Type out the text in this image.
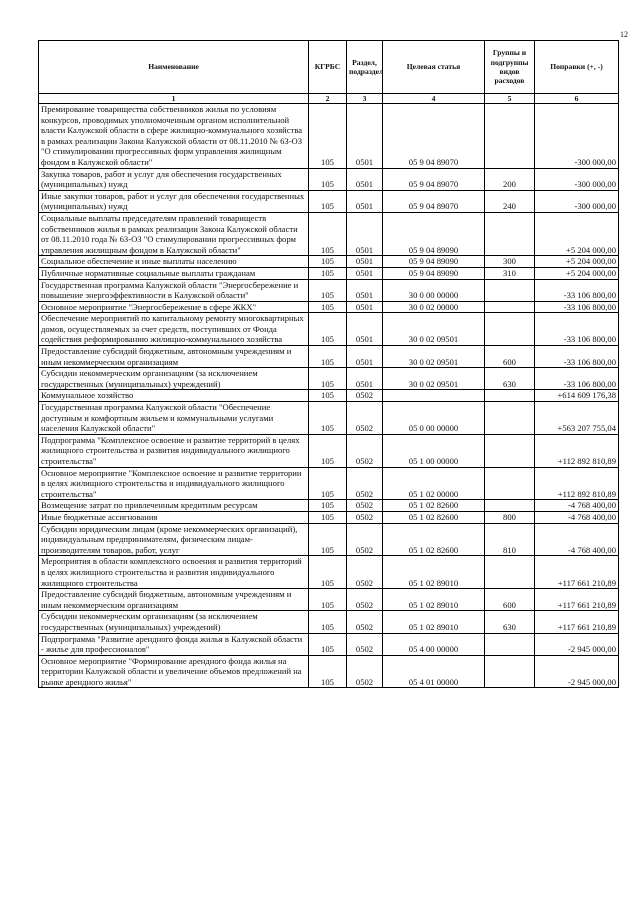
12
Наименование	КГРБС	Раздел, подраздел	Целевая статья	Группы и подгруппы видов расходов	Поправки (+, -)
1	2	3	4	5	6
Премирование товарищества собственников жилья по условиям конкурсов, проводимых уполномоченным органом исполнительной власти Калужской области в сфере жилищно-коммунального хозяйства в рамках реализации Закона Калужской области от 08.11.2010 № 63-ОЗ "О стимулировании прогрессивных форм управления жилищным фондом в Калужской области"	105	0501	05 9 04 89070		-300 000,00
Закупка товаров, работ и услуг для обеспечения государственных (муниципальных) нужд	105	0501	05 9 04 89070	200	-300 000,00
Иные закупки товаров, работ и услуг для обеспечения государственных (муниципальных) нужд	105	0501	05 9 04 89070	240	-300 000,00
Социальные выплаты председателям правлений товариществ собственников жилья в рамках реализации Закона Калужской области от 08.11.2010 года № 63-ОЗ "О стимулировании прогрессивных форм управления жилищным фондом в Калужской области"	105	0501	05 9 04 89090		+5 204 000,00
Социальное обеспечение и иные выплаты населению	105	0501	05 9 04 89090	300	+5 204 000,00
Публичные нормативные социальные выплаты гражданам	105	0501	05 9 04 89090	310	+5 204 000,00
Государственная программа Калужской области "Энергосбережение и повышение энергоэффективности в Калужской области"	105	0501	30 0 00 00000		-33 106 800,00
Основное мероприятие "Энергосбережение в сфере ЖКХ"	105	0501	30 0 02 00000		-33 106 800,00
Обеспечение мероприятий по капитальному ремонту многоквартирных домов, осуществляемых за счет средств, поступивших от Фонда содействия реформированию жилищно-коммунального хозяйства	105	0501	30 0 02 09501		-33 106 800,00
Предоставление субсидий бюджетным, автономным учреждениям и иным некоммерческим организациям	105	0501	30 0 02 09501	600	-33 106 800,00
Субсидии некоммерческим организациям (за исключением государственных (муниципальных) учреждений)	105	0501	30 0 02 09501	630	-33 106 800,00
Коммунальное хозяйство	105	0502			+614 609 176,38
Государственная программа Калужской области "Обеспечение доступным и комфортным жильем и коммунальными услугами населения Калужской области"	105	0502	05 0 00 00000		+563 207 755,04
Подпрограмма "Комплексное освоение и развитие территорий в целях жилищного строительства и развития индивидуального жилищного строительства"	105	0502	05 1 00 00000		+112 892 810,89
Основное мероприятие "Комплексное освоение и развитие территории в целях жилищного строительства и индивидуального жилищного строительства"	105	0502	05 1 02 00000		+112 892 810,89
Возмещение затрат по привлеченным кредитным ресурсам	105	0502	05 1 02 82600		-4 768 400,00
Иные бюджетные ассигнования	105	0502	05 1 02 82600	800	-4 768 400,00
Субсидии юридическим лицам (кроме некоммерческих организаций), индивидуальным предпринимателям, физическим лицам-производителям товаров, работ, услуг	105	0502	05 1 02 82600	810	-4 768 400,00
Мероприятия в области комплексного освоения и развития территорий в целях жилищного строительства и развития индивидуального жилищного строительства	105	0502	05 1 02 89010		+117 661 210,89
Предоставление субсидий бюджетным, автономным учреждениям и иным некоммерческим организациям	105	0502	05 1 02 89010	600	+117 661 210,89
Субсидии некоммерческим организациям (за исключением государственных (муниципальных) учреждений)	105	0502	05 1 02 89010	630	+117 661 210,89
Подпрограмма "Развитие арендного фонда жилья в Калужской области - жилье для профессионалов"	105	0502	05 4 00 00000		-2 945 000,00
Основное мероприятие "Формирование арендного фонда жилья на территории Калужской области и увеличение объемов предложений на рынке арендного жилья"	105	0502	05 4 01 00000		-2 945 000,00
